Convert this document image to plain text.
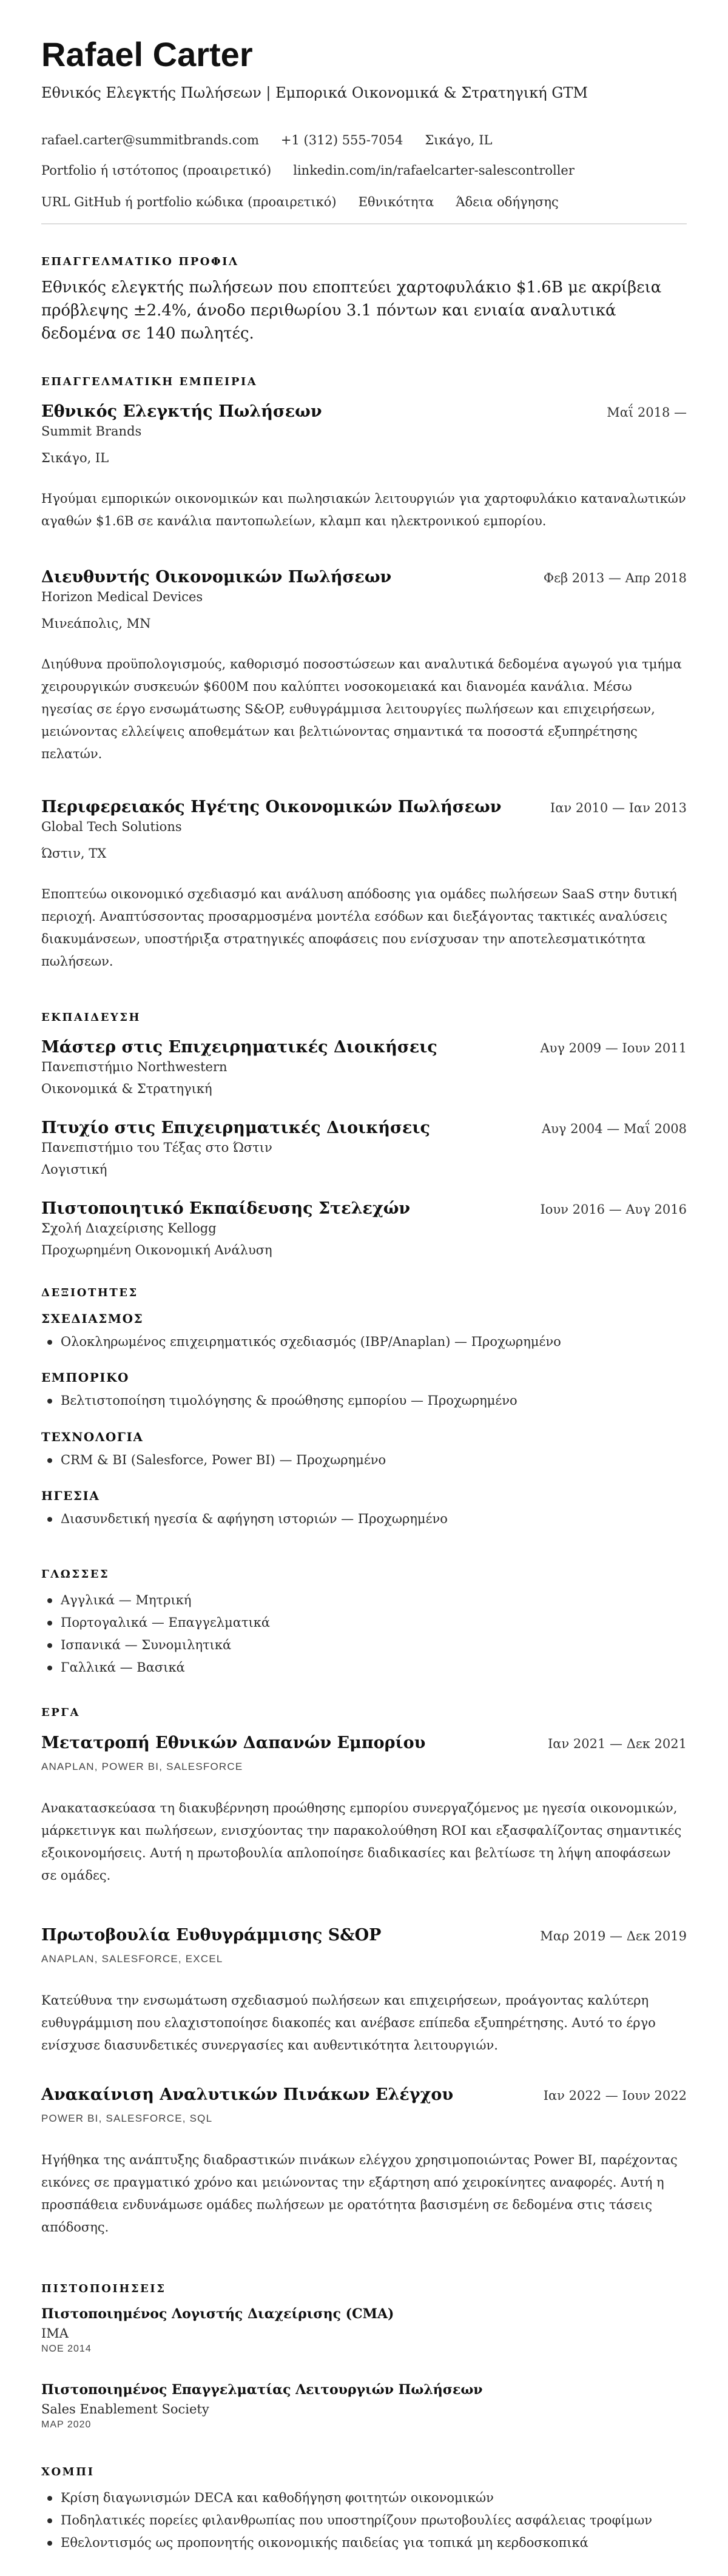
Rafael Carter
Εθνικός Ελεγκτής Πωλήσεων | Εμπορικά Οικονομικά & Στρατηγική GTM
rafael.carter@summitbrands.com +1 (312) 555-7054 Σικάγο, IL
Portfolio ή ιστότοπος (προαιρετικό) linkedin.com/in/rafaelcarter-salescontroller
URL GitHub ή portfolio κώδικα (προαιρετικό) Εθνικότητα Άδεια οδήγησης
ΕΠΑΓΓΕΛΜΑΤΙΚΟ ΠΡΟΦΙΛ
Εθνικός ελεγκτής πωλήσεων που εποπτεύει χαρτοφυλάκιο $1.6B με ακρίβεια πρόβλεψης ±2.4%, άνοδο περιθωρίου 3.1 πόντων και ενιαία αναλυτικά δεδομένα σε 140 πωλητές.
ΕΠΑΓΓΕΛΜΑΤΙΚΗ ΕΜΠΕΙΡΙΑ
Εθνικός Ελεγκτής Πωλήσεων	Μαΐ 2018 —
Summit Brands
Σικάγο, IL
Ηγούμαι εμπορικών οικονομικών και πωλησιακών λειτουργιών για χαρτοφυλάκιο καταναλωτικών αγαθών $1.6B σε κανάλια παντοπωλείων, κλαμπ και ηλεκτρονικού εμπορίου.
Διευθυντής Οικονομικών Πωλήσεων	Φεβ 2013 — Απρ 2018
Horizon Medical Devices
Μινεάπολις, MN
Διηύθυνα προϋπολογισμούς, καθορισμό ποσοστώσεων και αναλυτικά δεδομένα αγωγού για τμήμα χειρουργικών συσκευών $600M που καλύπτει νοσοκομειακά και διανομέα κανάλια. Μέσω ηγεσίας σε έργο ενσωμάτωσης S&OP, ευθυγράμμισα λειτουργίες πωλήσεων και επιχειρήσεων, μειώνοντας ελλείψεις αποθεμάτων και βελτιώνοντας σημαντικά τα ποσοστά εξυπηρέτησης πελατών.
Περιφερειακός Ηγέτης Οικονομικών Πωλήσεων	Ιαν 2010 — Ιαν 2013
Global Tech Solutions
Ώστιν, TX
Εποπτεύω οικονομικό σχεδιασμό και ανάλυση απόδοσης για ομάδες πωλήσεων SaaS στην δυτική περιοχή. Αναπτύσσοντας προσαρμοσμένα μοντέλα εσόδων και διεξάγοντας τακτικές αναλύσεις διακυμάνσεων, υποστήριξα στρατηγικές αποφάσεις που ενίσχυσαν την αποτελεσματικότητα πωλήσεων.
ΕΚΠΑΙΔΕΥΣΗ
Μάστερ στις Επιχειρηματικές Διοικήσεις	Αυγ 2009 — Ιουν 2011
Πανεπιστήμιο Northwestern
Οικονομικά & Στρατηγική
Πτυχίο στις Επιχειρηματικές Διοικήσεις	Αυγ 2004 — Μαΐ 2008
Πανεπιστήμιο του Τέξας στο Ώστιν
Λογιστική
Πιστοποιητικό Εκπαίδευσης Στελεχών	Ιουν 2016 — Αυγ 2016
Σχολή Διαχείρισης Kellogg
Προχωρημένη Οικονομική Ανάλυση
ΔΕΞΙΟΤΗΤΕΣ
ΣΧΕΔΙΑΣΜΟΣ
Ολοκληρωμένος επιχειρηματικός σχεδιασμός (IBP/Anaplan) — Προχωρημένο
ΕΜΠΟΡΙΚΟ
Βελτιστοποίηση τιμολόγησης & προώθησης εμπορίου — Προχωρημένο
ΤΕΧΝΟΛΟΓΙΑ
CRM & BI (Salesforce, Power BI) — Προχωρημένο
ΗΓΕΣΙΑ
Διασυνδετική ηγεσία & αφήγηση ιστοριών — Προχωρημένο
ΓΛΩΣΣΕΣ
Αγγλικά — Μητρική
Πορτογαλικά — Επαγγελματικά
Ισπανικά — Συνομιλητικά
Γαλλικά — Βασικά
ΕΡΓΑ
Μετατροπή Εθνικών Δαπανών Εμπορίου	Ιαν 2021 — Δεκ 2021
ANAPLAN, POWER BI, SALESFORCE
Ανακατασκεύασα τη διακυβέρνηση προώθησης εμπορίου συνεργαζόμενος με ηγεσία οικονομικών, μάρκετινγκ και πωλήσεων, ενισχύοντας την παρακολούθηση ROI και εξασφαλίζοντας σημαντικές εξοικονομήσεις. Αυτή η πρωτοβουλία απλοποίησε διαδικασίες και βελτίωσε τη λήψη αποφάσεων σε ομάδες.
Πρωτοβουλία Ευθυγράμμισης S&OP	Μαρ 2019 — Δεκ 2019
ANAPLAN, SALESFORCE, EXCEL
Κατεύθυνα την ενσωμάτωση σχεδιασμού πωλήσεων και επιχειρήσεων, προάγοντας καλύτερη ευθυγράμμιση που ελαχιστοποίησε διακοπές και ανέβασε επίπεδα εξυπηρέτησης. Αυτό το έργο ενίσχυσε διασυνδετικές συνεργασίες και αυθεντικότητα λειτουργιών.
Ανακαίνιση Αναλυτικών Πινάκων Ελέγχου	Ιαν 2022 — Ιουν 2022
POWER BI, SALESFORCE, SQL
Ηγήθηκα της ανάπτυξης διαδραστικών πινάκων ελέγχου χρησιμοποιώντας Power BI, παρέχοντας εικόνες σε πραγματικό χρόνο και μειώνοντας την εξάρτηση από χειροκίνητες αναφορές. Αυτή η προσπάθεια ενδυνάμωσε ομάδες πωλήσεων με ορατότητα βασισμένη σε δεδομένα στις τάσεις απόδοσης.
ΠΙΣΤΟΠΟΙΗΣΕΙΣ
Πιστοποιημένος Λογιστής Διαχείρισης (CMA)
IMA
ΝΟΕ 2014
Πιστοποιημένος Επαγγελματίας Λειτουργιών Πωλήσεων
Sales Enablement Society
ΜΑΡ 2020
ΧΟΜΠΙ
Κρίση διαγωνισμών DECA και καθοδήγηση φοιτητών οικονομικών
Ποδηλατικές πορείες φιλανθρωπίας που υποστηρίζουν πρωτοβουλίες ασφάλειας τροφίμων
Εθελοντισμός ως προπονητής οικονομικής παιδείας για τοπικά μη κερδοσκοπικά
